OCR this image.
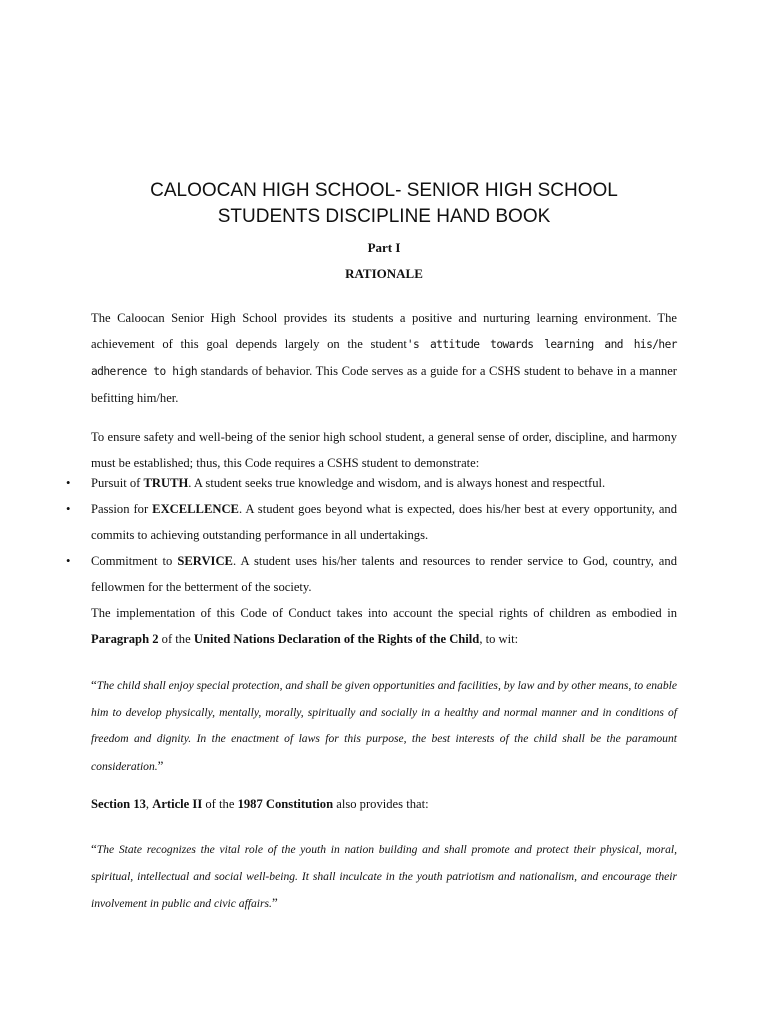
CALOOCAN HIGH SCHOOL- SENIOR HIGH SCHOOL
STUDENTS DISCIPLINE HAND BOOK
Part I
RATIONALE

The Caloocan Senior High School provides its students a positive and nurturing learning environment. The achievement of this goal depends largely on the student's attitude towards learning and his/her adherence to high standards of behavior. This Code serves as a guide for a CSHS student to behave in a manner befitting him/her.

To ensure safety and well-being of the senior high school student, a general sense of order, discipline, and harmony must be established; thus, this Code requires a CSHS student to demonstrate:

• Pursuit of TRUTH. A student seeks true knowledge and wisdom, and is always honest and respectful.
• Passion for EXCELLENCE. A student goes beyond what is expected, does his/her best at every opportunity, and commits to achieving outstanding performance in all undertakings.
• Commitment to SERVICE. A student uses his/her talents and resources to render service to God, country, and fellowmen for the betterment of the society.

The implementation of this Code of Conduct takes into account the special rights of children as embodied in Paragraph 2 of the United Nations Declaration of the Rights of the Child, to wit:

“The child shall enjoy special protection, and shall be given opportunities and facilities, by law and by other means, to enable him to develop physically, mentally, morally, spiritually and socially in a healthy and normal manner and in conditions of freedom and dignity. In the enactment of laws for this purpose, the best interests of the child shall be the paramount consideration.”
Section 13, Article II of the 1987 Constitution also provides that:
“The State recognizes the vital role of the youth in nation building and shall promote and protect their physical, moral, spiritual, intellectual and social well-being. It shall inculcate in the youth patriotism and nationalism, and encourage their involvement in public and civic affairs.”
